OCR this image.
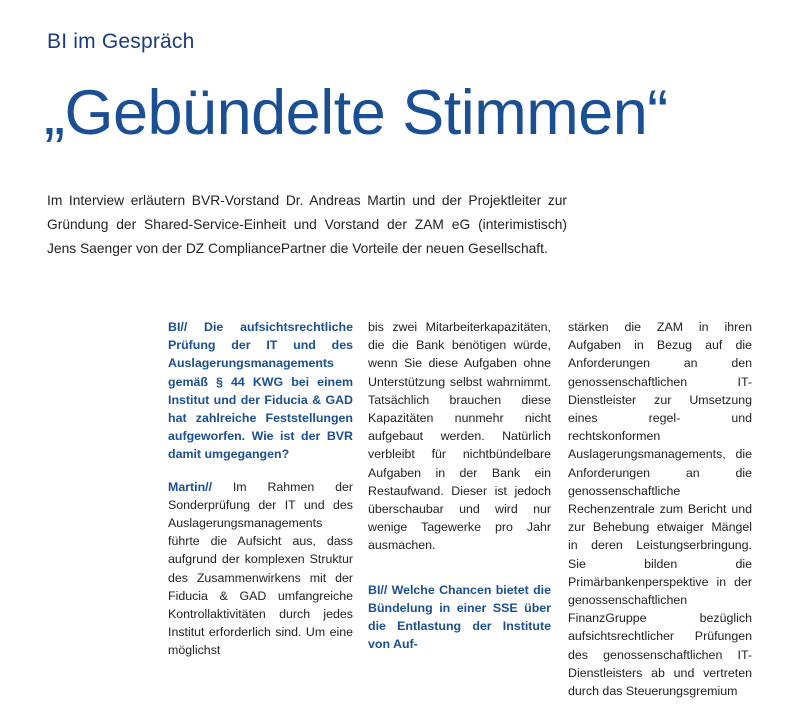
BI im Gespräch
„Gebündelte Stimmen“

Im Interview erläutern BVR-Vorstand Dr. Andreas Martin und der Projektleiter zur Gründung der Shared-Service-Einheit und Vorstand der ZAM eG (interimistisch) Jens Saenger von der DZ CompliancePartner die Vorteile der neuen Gesellschaft.

BI// Die aufsichtsrechtliche Prüfung der IT und des Auslagerungsmanagements gemäß § 44 KWG bei einem Institut und der Fiducia & GAD hat zahlreiche Feststellungen aufgeworfen. Wie ist der BVR damit umgegangen?

Martin// Im Rahmen der Sonderprüfung der IT und des Auslagerungsmanagements führte die Aufsicht aus, dass aufgrund der komplexen Struktur des Zusammenwirkens mit der Fiducia & GAD umfangreiche Kontrollaktivitäten durch jedes Institut erforderlich sind. Um eine möglichst

bis zwei Mitarbeiterkapazitäten, die die Bank benötigen würde, wenn Sie diese Aufgaben ohne Unterstützung selbst wahrnimmt. Tatsächlich brauchen diese Kapazitäten nunmehr nicht aufgebaut werden. Natürlich verbleibt für nichtbündelbare Aufgaben in der Bank ein Restaufwand. Dieser ist jedoch überschaubar und wird nur wenige Tagewerke pro Jahr ausmachen.

BI// Welche Chancen bietet die Bündelung in einer SSE über die Entlastung der Institute von Auf-

stärken die ZAM in ihren Aufgaben in Bezug auf die Anforderungen an den genossenschaftlichen IT-Dienstleister zur Umsetzung eines regel- und rechtskonformen Auslagerungsmanagements, die Anforderungen an die genossenschaftliche Rechenzentrale zum Bericht und zur Behebung etwaiger Mängel in deren Leistungserbringung. Sie bilden die Primärbankenperspektive in der genossenschaftlichen FinanzGruppe bezüglich aufsichtsrechtlicher Prüfungen des genossenschaftlichen IT-Dienstleisters ab und vertreten durch das Steuerungsgremium
